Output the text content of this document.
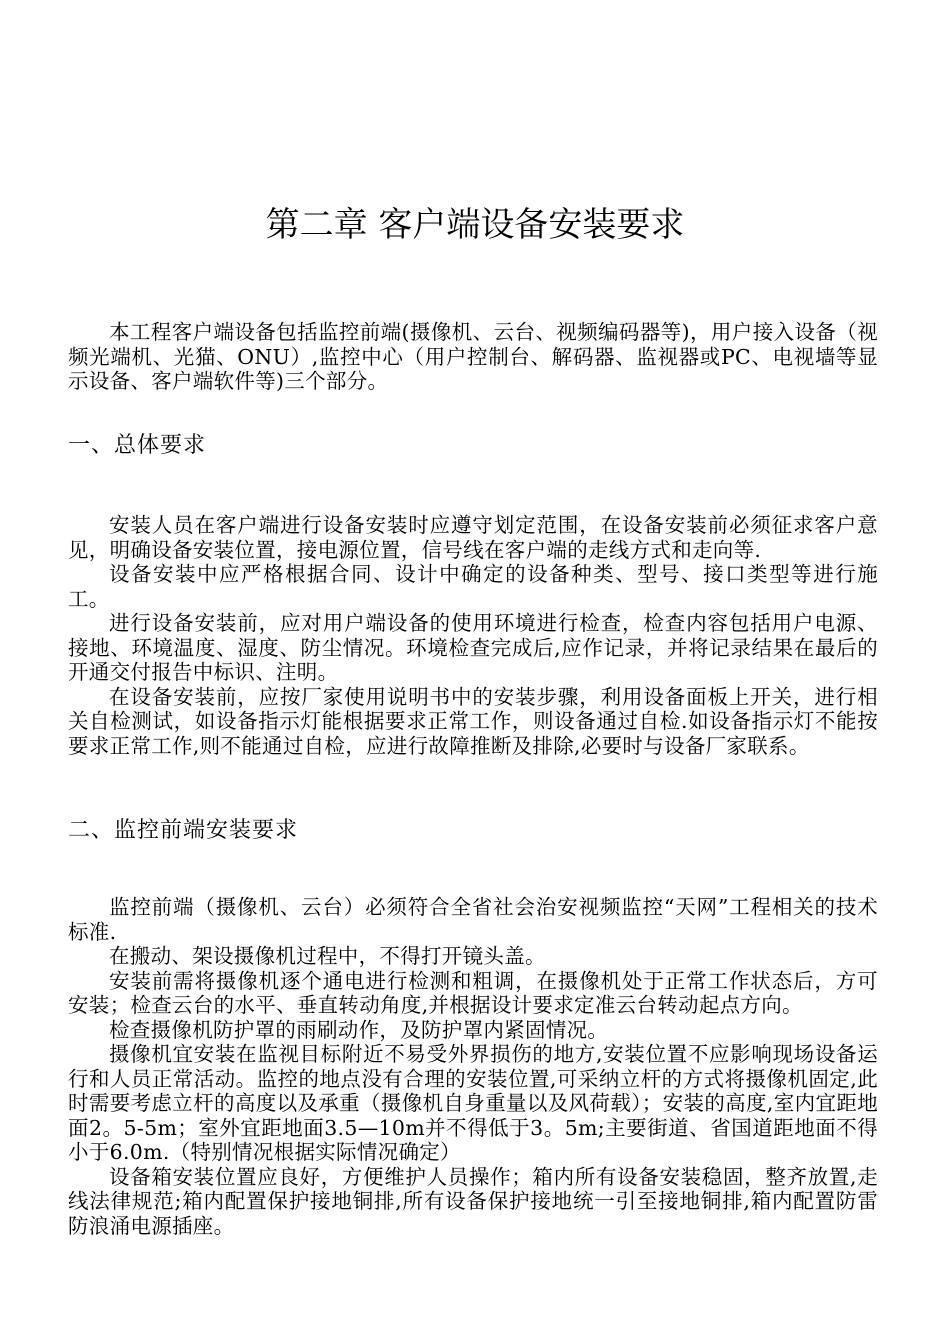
第二章 客户端设备安装要求

本工程客户端设备包括监控前端(摄像机、云台、视频编码器等)，用户接入设备（视频光端机、光猫、ONU）,监控中心（用户控制台、解码器、监视器或PC、电视墙等显示设备、客户端软件等)三个部分。

一、总体要求

安装人员在客户端进行设备安装时应遵守划定范围，在设备安装前必须征求客户意见，明确设备安装位置，接电源位置，信号线在客户端的走线方式和走向等.

设备安装中应严格根据合同、设计中确定的设备种类、型号、接口类型等进行施工。

进行设备安装前，应对用户端设备的使用环境进行检查，检查内容包括用户电源、接地、环境温度、湿度、防尘情况。环境检查完成后,应作记录，并将记录结果在最后的开通交付报告中标识、注明。

在设备安装前，应按厂家使用说明书中的安装步骤，利用设备面板上开关，进行相关自检测试，如设备指示灯能根据要求正常工作，则设备通过自检.如设备指示灯不能按要求正常工作,则不能通过自检，应进行故障推断及排除,必要时与设备厂家联系。

二、监控前端安装要求

监控前端（摄像机、云台）必须符合全省社会治安视频监控“天网”工程相关的技术标准.

在搬动、架设摄像机过程中，不得打开镜头盖。

安装前需将摄像机逐个通电进行检测和粗调，在摄像机处于正常工作状态后，方可安装；检查云台的水平、垂直转动角度,并根据设计要求定准云台转动起点方向。

检查摄像机防护罩的雨刷动作，及防护罩内紧固情况。

摄像机宜安装在监视目标附近不易受外界损伤的地方,安装位置不应影响现场设备运行和人员正常活动。监控的地点没有合理的安装位置,可采纳立杆的方式将摄像机固定,此时需要考虑立杆的高度以及承重（摄像机自身重量以及风荷载）；安装的高度,室内宜距地面2。5-5m；室外宜距地面3.5—10m并不得低于3。5m;主要街道、省国道距地面不得小于6.0m.（特别情况根据实际情况确定）

设备箱安装位置应良好，方便维护人员操作；箱内所有设备安装稳固，整齐放置,走线法律规范;箱内配置保护接地铜排,所有设备保护接地统一引至接地铜排,箱内配置防雷防浪涌电源插座。
